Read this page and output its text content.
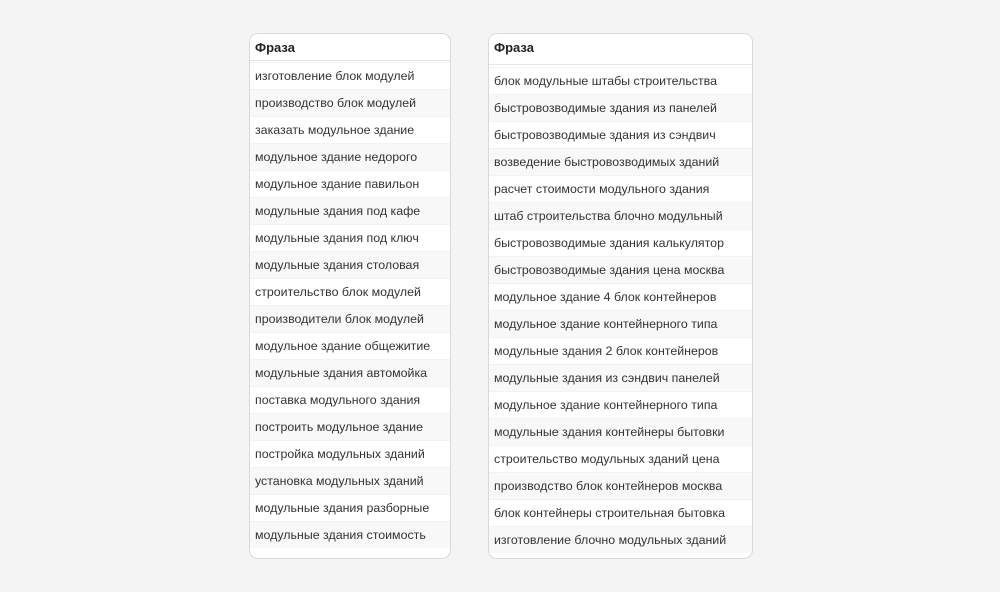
Фраза
изготовление блок модулей
производство блок модулей
заказать модульное здание
модульное здание недорого
модульное здание павильон
модульные здания под кафе
модульные здания под ключ
модульные здания столовая
строительство блок модулей
производители блок модулей
модульное здание общежитие
модульные здания автомойка
поставка модульного здания
построить модульное здание
постройка модульных зданий
установка модульных зданий
модульные здания разборные
модульные здания стоимость
Фраза
блок модульные штабы строительства
быстровозводимые здания из панелей
быстровозводимые здания из сэндвич
возведение быстровозводимых зданий
расчет стоимости модульного здания
штаб строительства блочно модульный
быстровозводимые здания калькулятор
быстровозводимые здания цена москва
модульное здание 4 блок контейнеров
модульное здание контейнерного типа
модульные здания 2 блок контейнеров
модульные здания из сэндвич панелей
модульное здание контейнерного типа
модульные здания контейнеры бытовки
строительство модульных зданий цена
производство блок контейнеров москва
блок контейнеры строительная бытовка
изготовление блочно модульных зданий
